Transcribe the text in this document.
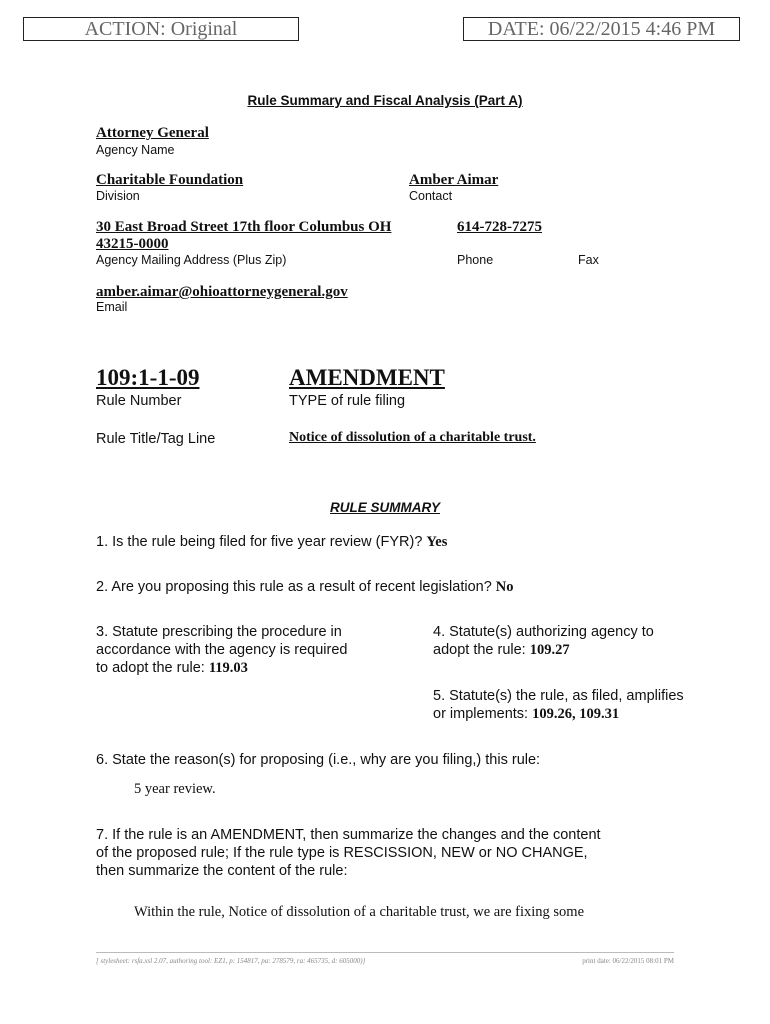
ACTION: Original	DATE: 06/22/2015 4:46 PM
Rule Summary and Fiscal Analysis (Part A)
Attorney General
Agency Name
Charitable Foundation
Division
Amber Aimar
Contact
30 East Broad Street 17th floor Columbus OH
43215-0000
Agency Mailing Address (Plus Zip)
614-728-7275
Phone	Fax
amber.aimar@ohioattorneygeneral.gov
Email
109:1-1-09
Rule Number
AMENDMENT
TYPE of rule filing
Rule Title/Tag Line	Notice of dissolution of a charitable trust.
RULE SUMMARY
1. Is the rule being filed for five year review (FYR)? Yes
2. Are you proposing this rule as a result of recent legislation? No
3. Statute prescribing the procedure in
accordance with the agency is required
to adopt the rule: 119.03
4. Statute(s) authorizing agency to
adopt the rule: 109.27
5. Statute(s) the rule, as filed, amplifies
or implements: 109.26, 109.31
6. State the reason(s) for proposing (i.e., why are you filing,) this rule:
5 year review.
7. If the rule is an AMENDMENT, then summarize the changes and the content
of the proposed rule; If the rule type is RESCISSION, NEW or NO CHANGE,
then summarize the content of the rule:
Within the rule, Notice of dissolution of a charitable trust, we are fixing some
[ stylesheet: rsfa.xsl 2.07, authoring tool: EZ1, p: 154817, pa: 278579, ra: 465735, d: 605000)]	print date: 06/22/2015 08:01 PM
